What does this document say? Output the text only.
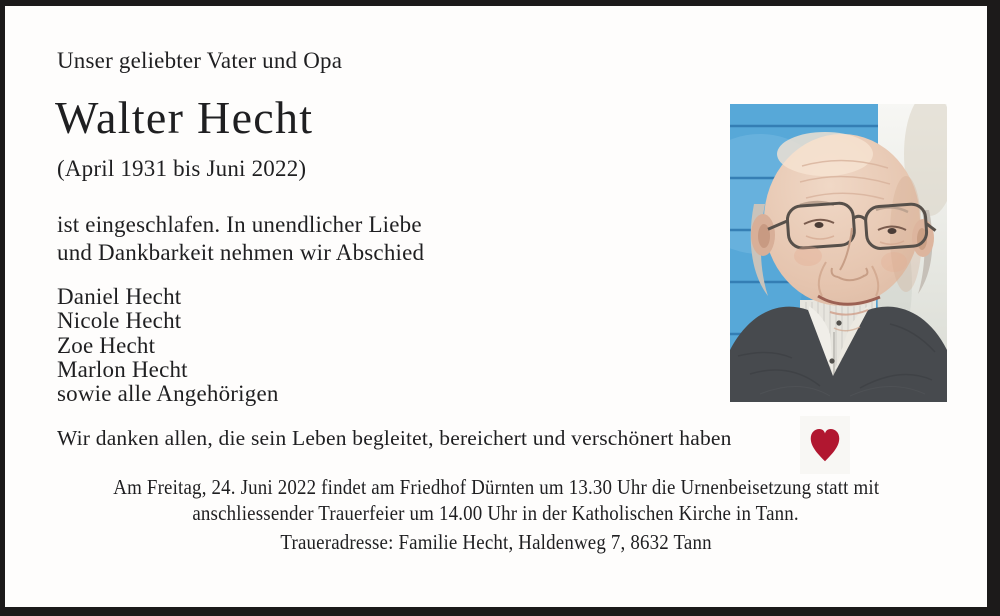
Unser geliebter Vater und Opa
Walter Hecht
(April 1931 bis Juni 2022)
ist eingeschlafen. In unendlicher Liebe
und Dankbarkeit nehmen wir Abschied
Daniel Hecht
Nicole Hecht
Zoe Hecht
Marlon Hecht
sowie alle Angehörigen
Wir danken allen, die sein Leben begleitet, bereichert und verschönert haben
Am Freitag, 24. Juni 2022 findet am Friedhof Dürnten um 13.30 Uhr die Urnenbeisetzung statt mit
anschliessender Trauerfeier um 14.00 Uhr in der Katholischen Kirche in Tann.
Traueradresse: Familie Hecht, Haldenweg 7, 8632 Tann
